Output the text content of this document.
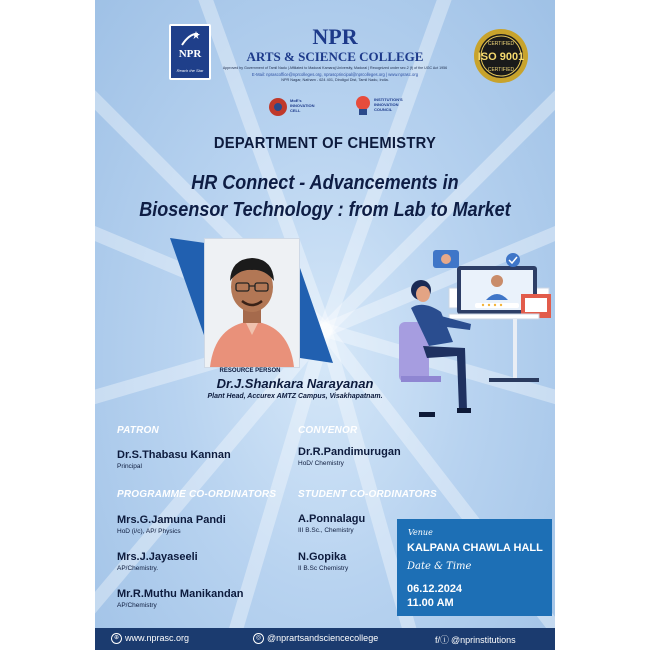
NPR
Reach the Star
NPR
ARTS & SCIENCE COLLEGE
Approved by Government of Tamil Nadu | Affiliated to Madurai Kamaraj University, Madurai | Recognized under sec.2 (f) of the UGC Act 1956
E-Mail: nprascoffice@nprcolleges.org, nprascprincipal@nprcolleges.org | www.nprasc.org
NPR Nagar, Natham - 624 401, Dindigul Dist, Tamil Nadu, India.
CERTIFIED
ISO 9001
CERTIFIED
MoE's INNOVATION CELL
INSTITUTION'S INNOVATION COUNCIL
DEPARTMENT OF CHEMISTRY
HR Connect - Advancements in
Biosensor Technology : from Lab to Market
RESOURCE PERSON
Dr.J.Shankara Narayanan
Plant Head, Accurex AMTZ Campus, Visakhapatnam.
PATRON
Dr.S.Thabasu Kannan
Principal
CONVENOR
Dr.R.Pandimurugan
HoD/ Chemistry
PROGRAMME CO-ORDINATORS
Mrs.G.Jamuna Pandi
HoD (i/c), AP/ Physics
Mrs.J.Jayaseeli
AP/Chemistry.
Mr.R.Muthu Manikandan
AP/Chemistry
STUDENT CO-ORDINATORS
A.Ponnalagu
III B.Sc., Chemistry
N.Gopika
II B.Sc Chemistry
Venue
KALPANA CHAWLA HALL
Date & Time
06.12.2024
11.00 AM
⊕ www.nprasc.org	◎ @nprartsandsciencecollege	f/ⓘ @nprinstitutions
